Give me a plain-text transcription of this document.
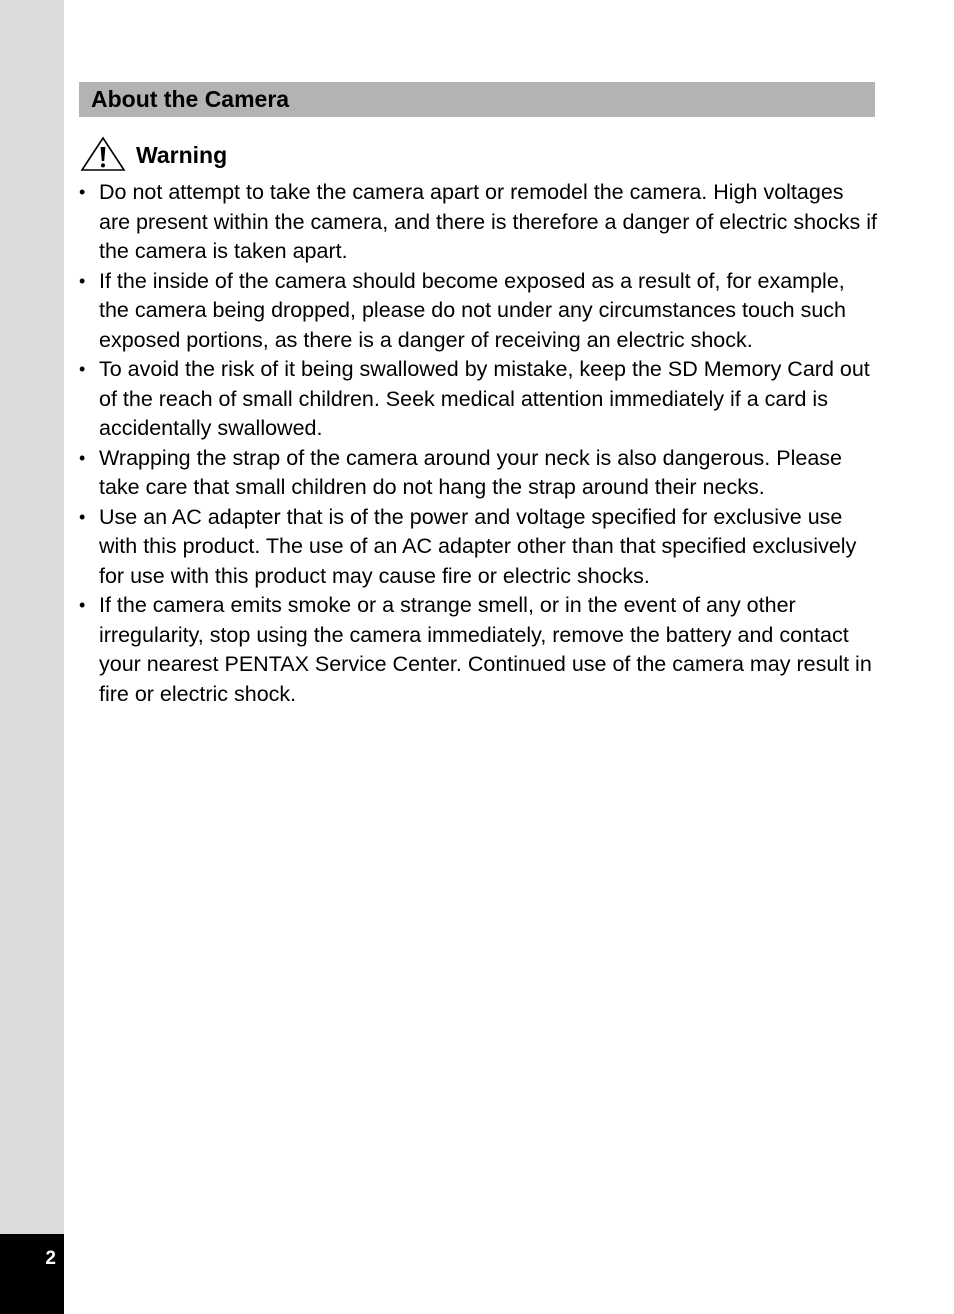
2
About the Camera
Warning
• Do not attempt to take the camera apart or remodel the camera. High voltages are present within the camera, and there is therefore a danger of electric shocks if the camera is taken apart.
• If the inside of the camera should become exposed as a result of, for example, the camera being dropped, please do not under any circumstances touch such exposed portions, as there is a danger of receiving an electric shock.
• To avoid the risk of it being swallowed by mistake, keep the SD Memory Card out of the reach of small children. Seek medical attention immediately if a card is accidentally swallowed.
• Wrapping the strap of the camera around your neck is also dangerous. Please take care that small children do not hang the strap around their necks.
• Use an AC adapter that is of the power and voltage specified for exclusive use with this product. The use of an AC adapter other than that specified exclusively for use with this product may cause fire or electric shocks.
• If the camera emits smoke or a strange smell, or in the event of any other irregularity, stop using the camera immediately, remove the battery and contact your nearest PENTAX Service Center. Continued use of the camera may result in fire or electric shock.
